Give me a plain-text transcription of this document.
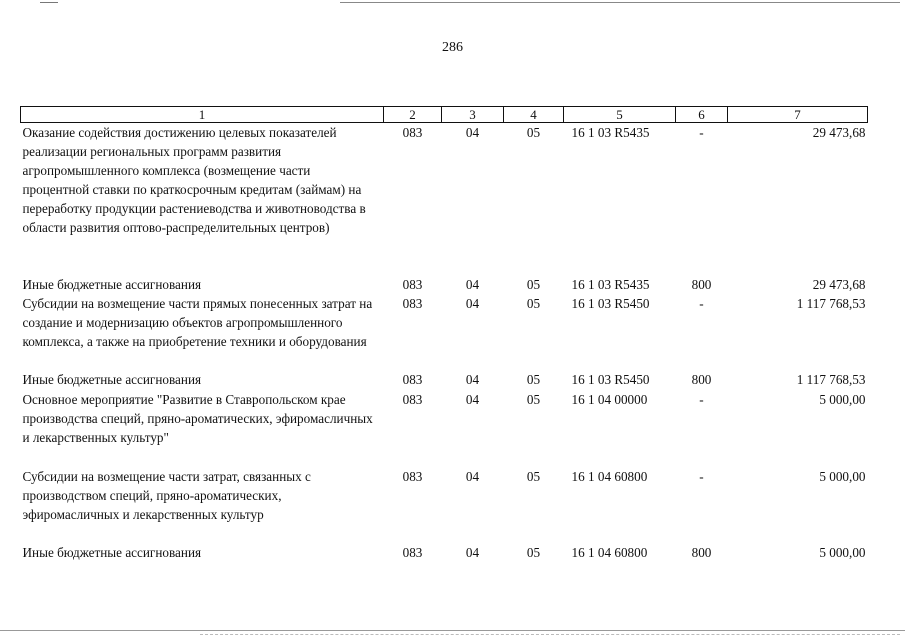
286
1	2	3	4	5	6	7
Оказание содействия достижению целевых показателей реализации региональных программ развития агропромышленного комплекса (возмещение части процентной ставки по краткосрочным кредитам (займам) на переработку продукции растениеводства и животноводства в области развития оптово-распределительных центров)	083	04	05	16 1 03 R5435	-	29 473,68
Иные бюджетные ассигнования	083	04	05	16 1 03 R5435	800	29 473,68
Субсидии на возмещение части прямых понесенных затрат на создание и модернизацию объектов агропромышленного комплекса, а также на приобретение техники и оборудования	083	04	05	16 1 03 R5450	-	1 117 768,53
Иные бюджетные ассигнования	083	04	05	16 1 03 R5450	800	1 117 768,53
Основное мероприятие "Развитие в Ставропольском крае производства специй, пряно-ароматических, эфиромасличных и лекарственных культур"	083	04	05	16 1 04 00000	-	5 000,00
Субсидии на возмещение части затрат, связанных с производством специй, пряно-ароматических, эфиромасличных и лекарственных культур	083	04	05	16 1 04 60800	-	5 000,00
Иные бюджетные ассигнования	083	04	05	16 1 04 60800	800	5 000,00
